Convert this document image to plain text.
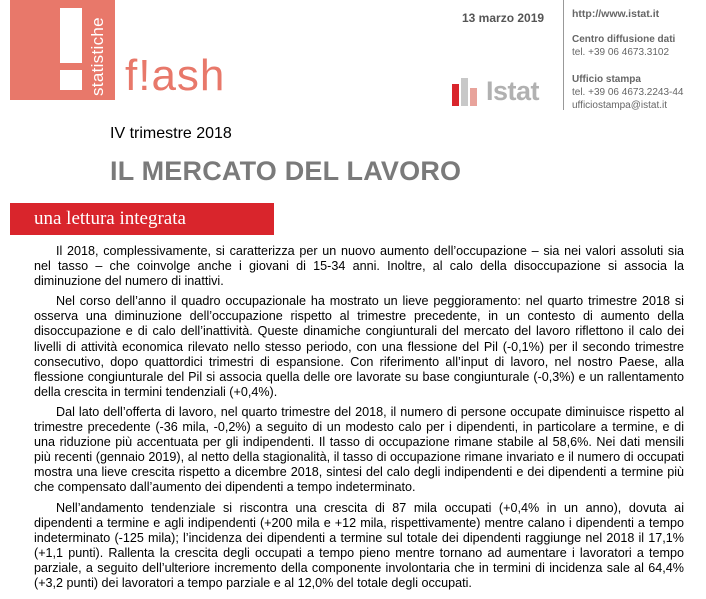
statistiche f!ash
13 marzo 2019
Istat
http://www.istat.it
Centro diffusione dati
tel. +39 06 4673.3102
Ufficio stampa
tel. +39 06 4673.2243-44
ufficiostampa@istat.it
IV trimestre 2018
IL MERCATO DEL LAVORO
una lettura integrata

Il 2018, complessivamente, si caratterizza per un nuovo aumento dell’occupazione – sia nei valori assoluti sia nel tasso – che coinvolge anche i giovani di 15-34 anni. Inoltre, al calo della disoccupazione si associa la diminuzione del numero di inattivi.

Nel corso dell’anno il quadro occupazionale ha mostrato un lieve peggioramento: nel quarto trimestre 2018 si osserva una diminuzione dell’occupazione rispetto al trimestre precedente, in un contesto di aumento della disoccupazione e di calo dell’inattività. Queste dinamiche congiunturali del mercato del lavoro riflettono il calo dei livelli di attività economica rilevato nello stesso periodo, con una flessione del Pil (-0,1%) per il secondo trimestre consecutivo, dopo quattordici trimestri di espansione. Con riferimento all’input di lavoro, nel nostro Paese, alla flessione congiunturale del Pil si associa quella delle ore lavorate su base congiunturale (-0,3%) e un rallentamento della crescita in termini tendenziali (+0,4%).

Dal lato dell’offerta di lavoro, nel quarto trimestre del 2018, il numero di persone occupate diminuisce rispetto al trimestre precedente (-36 mila, -0,2%) a seguito di un modesto calo per i dipendenti, in particolare a termine, e di una riduzione più accentuata per gli indipendenti. Il tasso di occupazione rimane stabile al 58,6%. Nei dati mensili più recenti (gennaio 2019), al netto della stagionalità, il tasso di occupazione rimane invariato e il numero di occupati mostra una lieve crescita rispetto a dicembre 2018, sintesi del calo degli indipendenti e dei dipendenti a termine più che compensato dall’aumento dei dipendenti a tempo indeterminato.

Nell’andamento tendenziale si riscontra una crescita di 87 mila occupati (+0,4% in un anno), dovuta ai dipendenti a termine e agli indipendenti (+200 mila e +12 mila, rispettivamente) mentre calano i dipendenti a tempo indeterminato (-125 mila); l’incidenza dei dipendenti a termine sul totale dei dipendenti raggiunge nel 2018 il 17,1% (+1,1 punti). Rallenta la crescita degli occupati a tempo pieno mentre tornano ad aumentare i lavoratori a tempo parziale, a seguito dell’ulteriore incremento della componente involontaria che in termini di incidenza sale al 64,4% (+3,2 punti) dei lavoratori a tempo parziale e al 12,0% del totale degli occupati.
